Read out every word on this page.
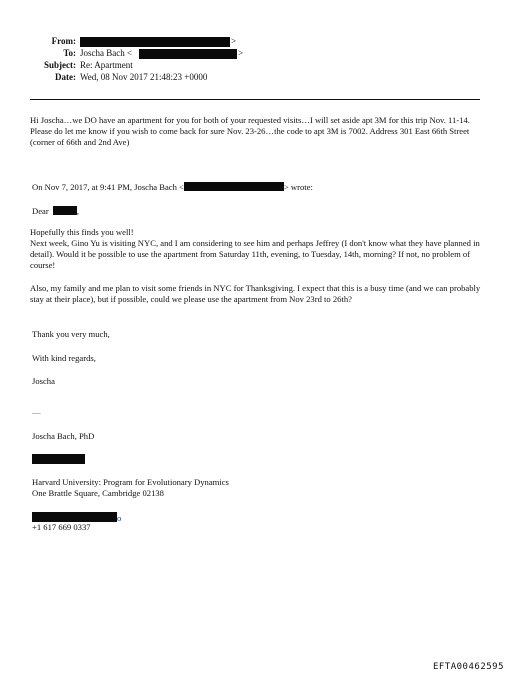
From:	>
To: Joscha Bach <	>
Subject: Re: Apartment
Date: Wed, 08 Nov 2017 21:48:23 +0000
Hi Joscha…we DO have an apartment for you for both of your requested visits…I will set aside apt 3M for this trip Nov. 11-14. Please do let me know if you wish to come back for sure Nov. 23-26…the code to apt 3M is 7002. Address 301 East 66th Street (corner of 66th and 2nd Ave)
On Nov 7, 2017, at 9:41 PM, Joscha Bach <	> wrote:
Dear	,
Hopefully this finds you well!
Next week, Gino Yu is visiting NYC, and I am considering to see him and perhaps Jeffrey (I don't know what they have planned in detail). Would it be possible to use the apartment from Saturday 11th, evening, to Tuesday, 14th, morning? If not, no problem of course!
Also, my family and me plan to visit some friends in NYC for Thanksgiving. I expect that this is a busy time (and we can probably stay at their place), but if possible, could we please use the apartment from Nov 23rd to 26th?
Thank you very much,
With kind regards,
Joscha
—
Joscha Bach, PhD
Harvard University: Program for Evolutionary Dynamics
One Brattle Square, Cambridge 02138
o
+1 617 669 0337
EFTA00462595
